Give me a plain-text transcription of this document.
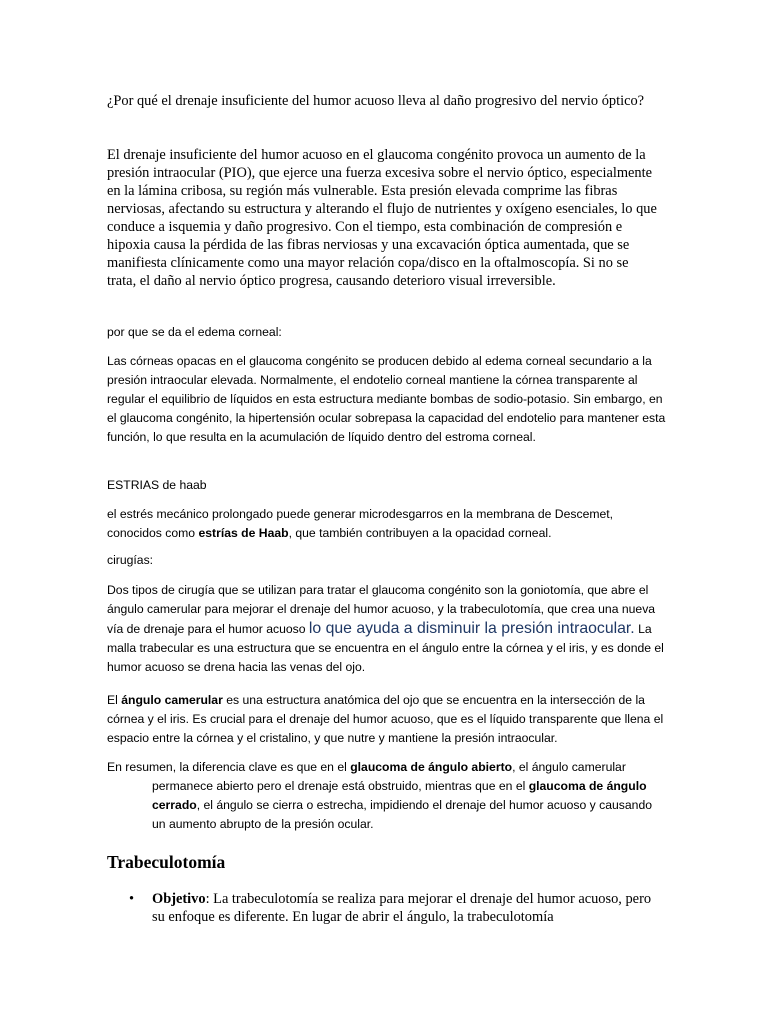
¿Por qué el drenaje insuficiente del humor acuoso lleva al daño progresivo del nervio óptico?

El drenaje insuficiente del humor acuoso en el glaucoma congénito provoca un aumento de la presión intraocular (PIO), que ejerce una fuerza excesiva sobre el nervio óptico, especialmente en la lámina cribosa, su región más vulnerable. Esta presión elevada comprime las fibras nerviosas, afectando su estructura y alterando el flujo de nutrientes y oxígeno esenciales, lo que conduce a isquemia y daño progresivo. Con el tiempo, esta combinación de compresión e hipoxia causa la pérdida de las fibras nerviosas y una excavación óptica aumentada, que se manifiesta clínicamente como una mayor relación copa/disco en la oftalmoscopía. Si no se trata, el daño al nervio óptico progresa, causando deterioro visual irreversible.

por que se da el edema corneal:

Las córneas opacas en el glaucoma congénito se producen debido al edema corneal secundario a la presión intraocular elevada. Normalmente, el endotelio corneal mantiene la córnea transparente al regular el equilibrio de líquidos en esta estructura mediante bombas de sodio-potasio. Sin embargo, en el glaucoma congénito, la hipertensión ocular sobrepasa la capacidad del endotelio para mantener esta función, lo que resulta en la acumulación de líquido dentro del estroma corneal.

ESTRIAS de haab

el estrés mecánico prolongado puede generar microdesgarros en la membrana de Descemet, conocidos como estrías de Haab, que también contribuyen a la opacidad corneal.

cirugías:

Dos tipos de cirugía que se utilizan para tratar el glaucoma congénito son la goniotomía, que abre el ángulo camerular para mejorar el drenaje del humor acuoso, y la trabeculotomía, que crea una nueva vía de drenaje para el humor acuoso lo que ayuda a disminuir la presión intraocular. La malla trabecular es una estructura que se encuentra en el ángulo entre la córnea y el iris, y es donde el humor acuoso se drena hacia las venas del ojo.

El ángulo camerular es una estructura anatómica del ojo que se encuentra en la intersección de la córnea y el iris. Es crucial para el drenaje del humor acuoso, que es el líquido transparente que llena el espacio entre la córnea y el cristalino, y que nutre y mantiene la presión intraocular.

En resumen, la diferencia clave es que en el glaucoma de ángulo abierto, el ángulo camerular
permanece abierto pero el drenaje está obstruido, mientras que en el glaucoma de ángulo cerrado, el ángulo se cierra o estrecha, impidiendo el drenaje del humor acuoso y causando un aumento abrupto de la presión ocular.

Trabeculotomía
• Objetivo: La trabeculotomía se realiza para mejorar el drenaje del humor acuoso, pero su enfoque es diferente. En lugar de abrir el ángulo, la trabeculotomía
